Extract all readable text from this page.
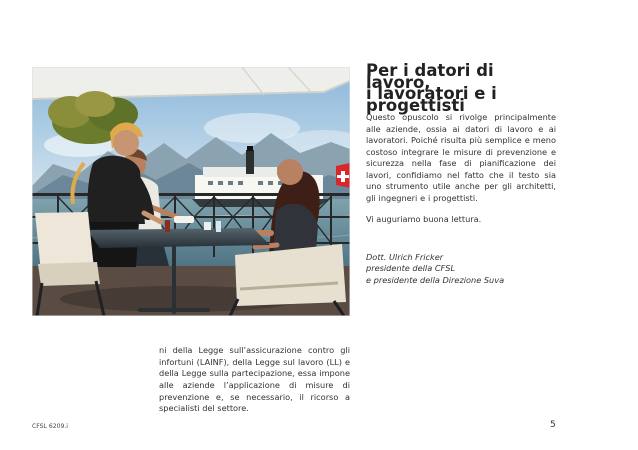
Per i datori di lavoro,
i lavoratori e i progettisti

Questo opuscolo si rivolge principalmente alle aziende, ossia ai datori di lavoro e ai lavoratori. Poiché risulta più semplice e meno costoso integrare le misure di prevenzione e sicurezza nella fase di pianificazione dei lavori, confidiamo nel fatto che il testo sia uno strumento utile anche per gli architetti, gli ingegneri e i progettisti.

Vi auguriamo buona lettura.

Dott. Ulrich Fricker
presidente della CFSL
e presidente della Direzione Suva

ni della Legge sull’assicurazione contro gli infortuni (LAINF), della Legge sul lavoro (LL) e della Legge sulla partecipazione, essa impone alle aziende l’applicazione di misure di prevenzione e, se necessario, il ricorso a specialisti del settore.

CFSL 6209.i	5
